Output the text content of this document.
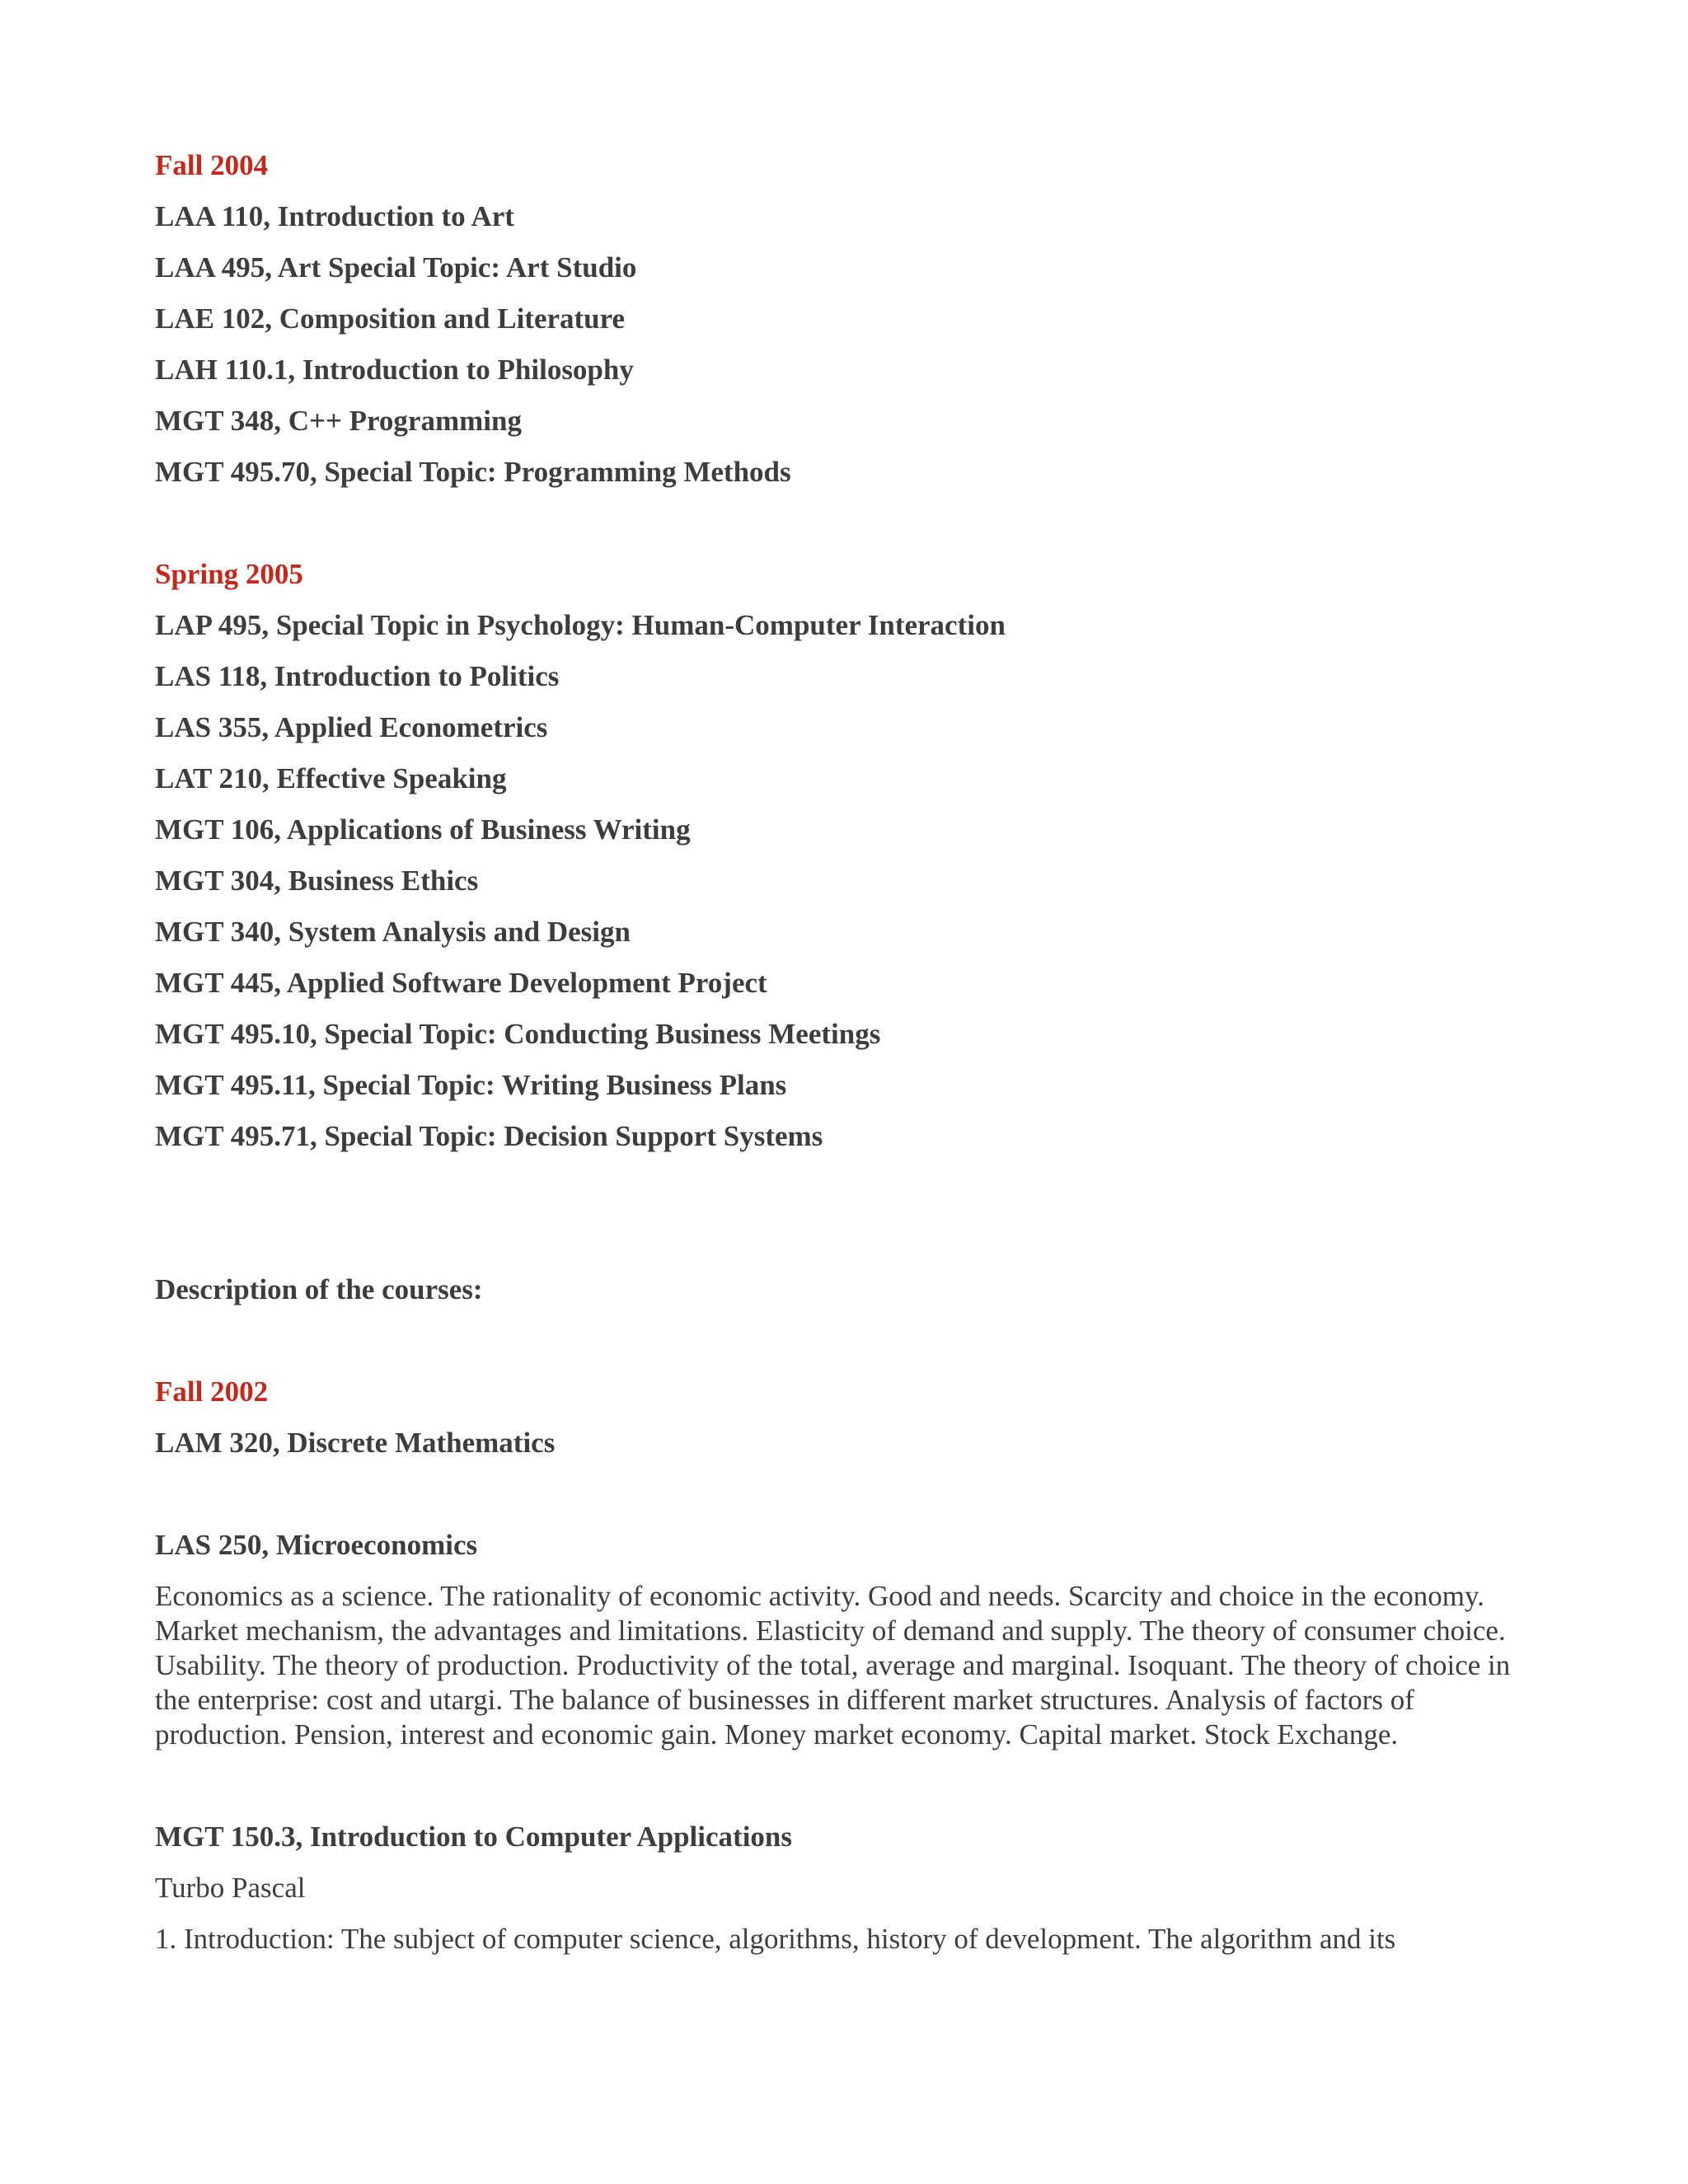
Fall 2004

LAA 110, Introduction to Art

LAA 495, Art Special Topic: Art Studio

LAE 102, Composition and Literature

LAH 110.1, Introduction to Philosophy

MGT 348, C++ Programming

MGT 495.70, Special Topic: Programming Methods

Spring 2005

LAP 495, Special Topic in Psychology: Human-Computer Interaction

LAS 118, Introduction to Politics

LAS 355, Applied Econometrics

LAT 210, Effective Speaking

MGT 106, Applications of Business Writing

MGT 304, Business Ethics

MGT 340, System Analysis and Design

MGT 445, Applied Software Development Project

MGT 495.10, Special Topic: Conducting Business Meetings

MGT 495.11, Special Topic: Writing Business Plans

MGT 495.71, Special Topic: Decision Support Systems

Description of the courses:

Fall 2002

LAM 320, Discrete Mathematics

LAS 250, Microeconomics

Economics as a science. The rationality of economic activity. Good and needs. Scarcity and choice in the economy. Market mechanism, the advantages and limitations. Elasticity of demand and supply. The theory of consumer choice. Usability. The theory of production. Productivity of the total, average and marginal. Isoquant. The theory of choice in the enterprise: cost and utargi. The balance of businesses in different market structures. Analysis of factors of production. Pension, interest and economic gain. Money market economy. Capital market. Stock Exchange.

MGT 150.3, Introduction to Computer Applications

Turbo Pascal

1. Introduction: The subject of computer science, algorithms, history of development. The algorithm and its
